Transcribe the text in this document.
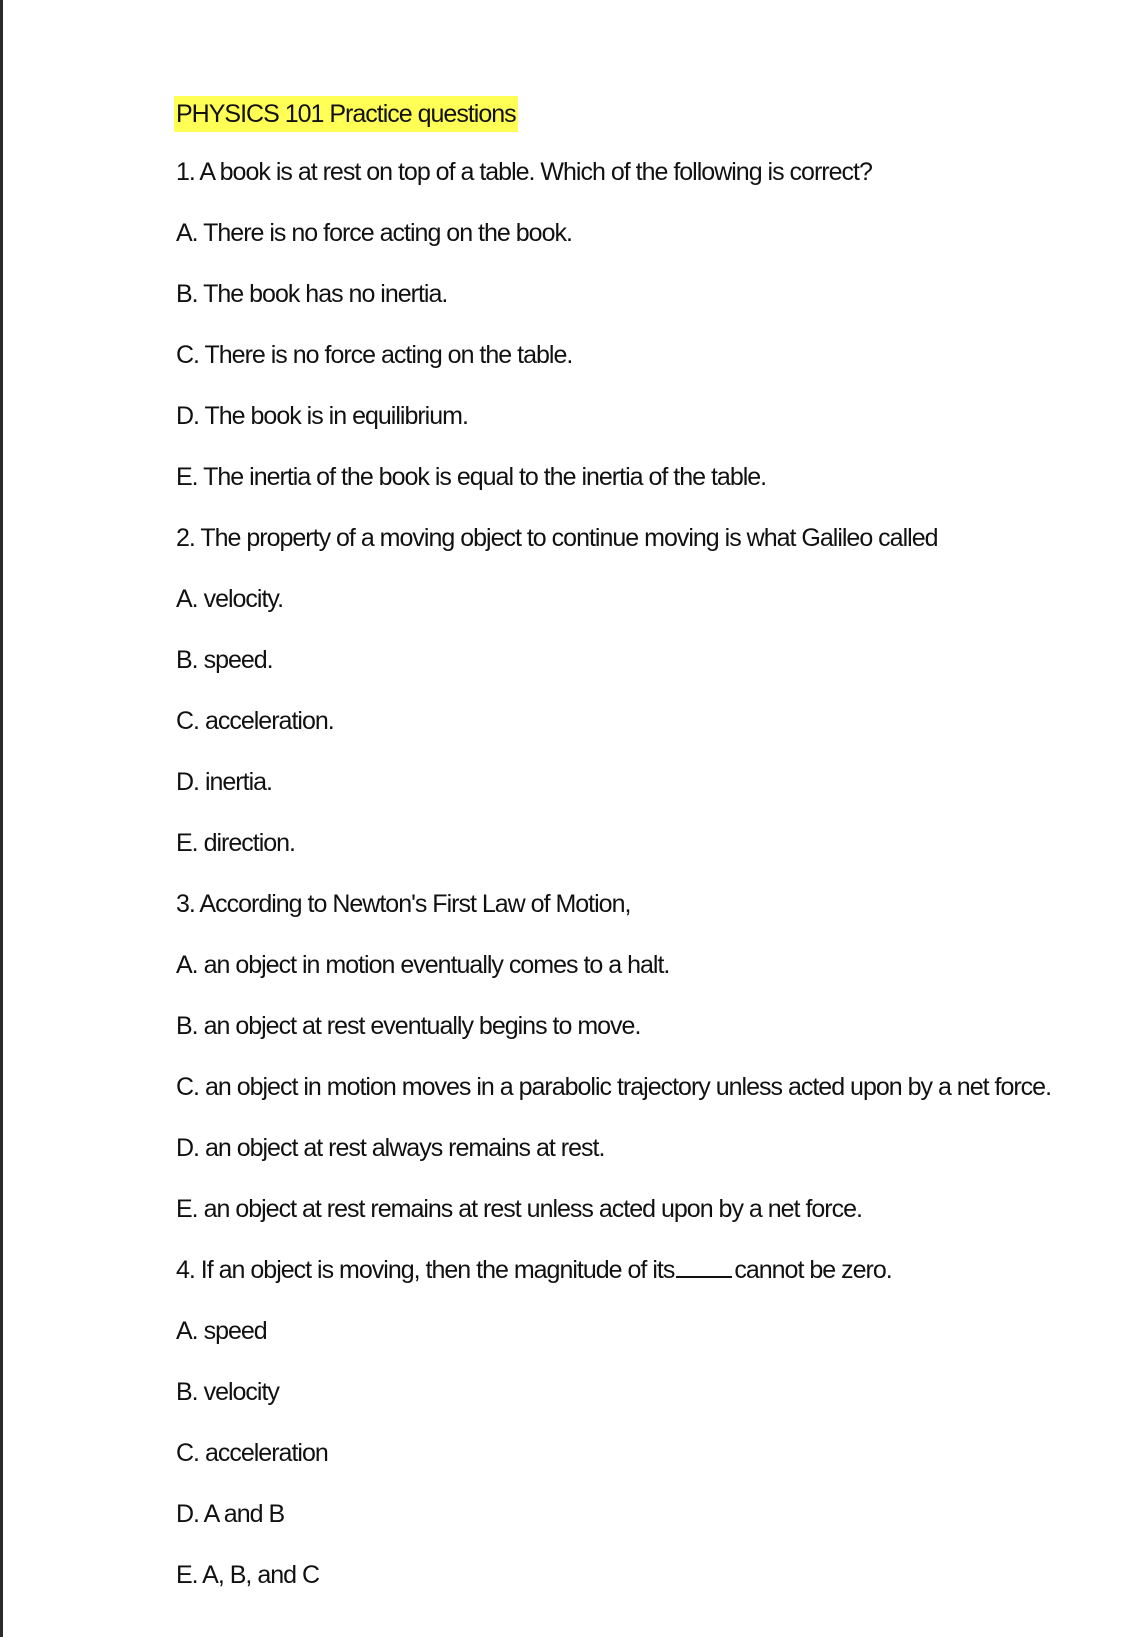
PHYSICS 101 Practice questions
1. A book is at rest on top of a table. Which of the following is correct?
A. There is no force acting on the book.
B. The book has no inertia.
C. There is no force acting on the table.
D. The book is in equilibrium.
E. The inertia of the book is equal to the inertia of the table.
2. The property of a moving object to continue moving is what Galileo called
A. velocity.
B. speed.
C. acceleration.
D. inertia.
E. direction.
3. According to Newton's First Law of Motion,
A. an object in motion eventually comes to a halt.
B. an object at rest eventually begins to move.
C. an object in motion moves in a parabolic trajectory unless acted upon by a net force.
D. an object at rest always remains at rest.
E. an object at rest remains at rest unless acted upon by a net force.
4. If an object is moving, then the magnitude of its cannot be zero.
A. speed
B. velocity
C. acceleration
D. A and B
E. A, B, and C
